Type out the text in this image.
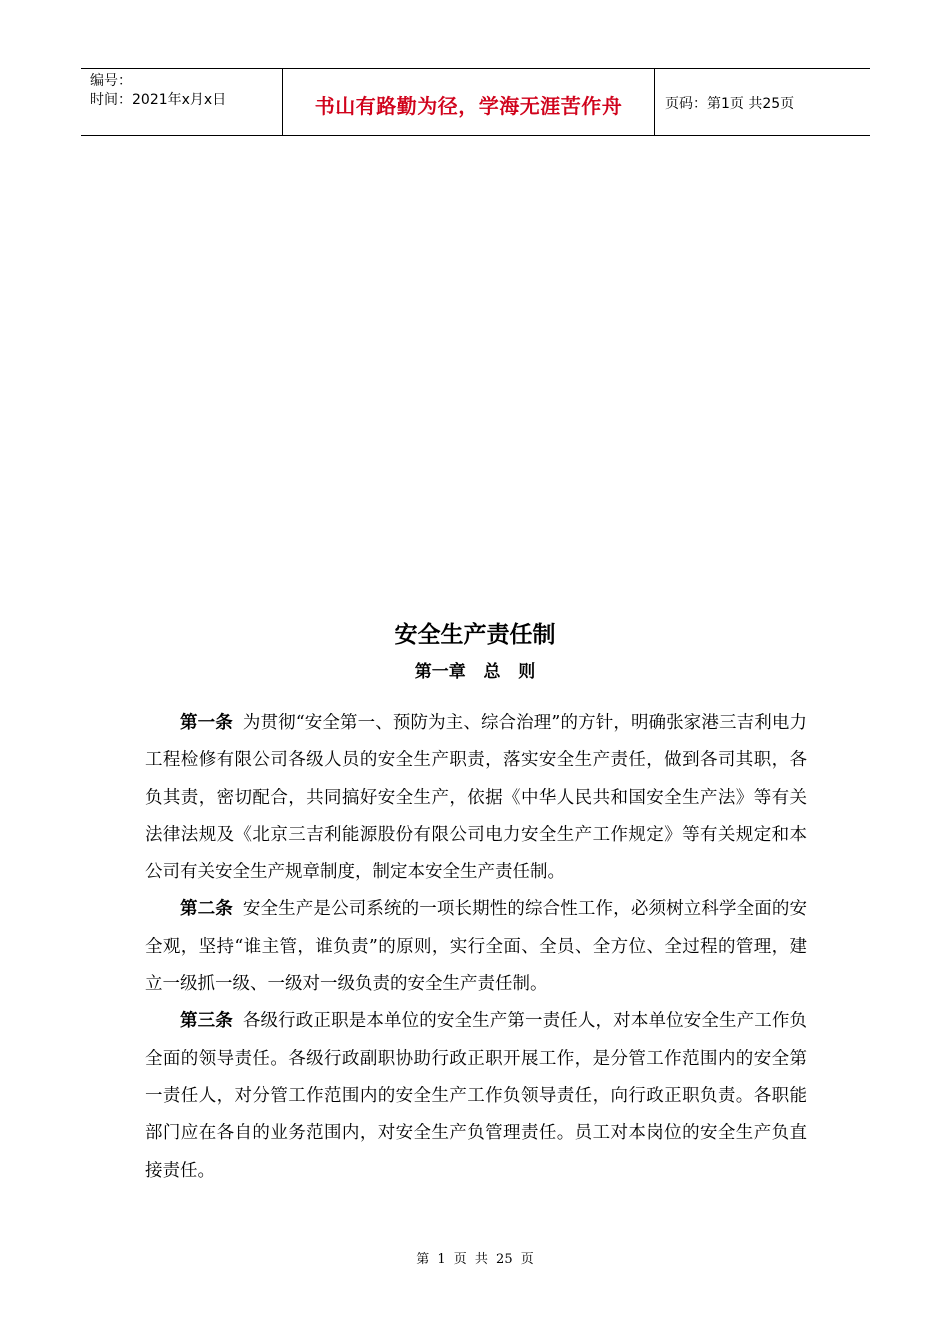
编号：
时间：2021年x月x日	书山有路勤为径，学海无涯苦作舟	页码：第1页 共25页
安全生产责任制
第一章   总   则

第一条 为贯彻“安全第一、预防为主、综合治理”的方针，明确张家港三吉利电力工程检修有限公司各级人员的安全生产职责，落实安全生产责任，做到各司其职，各负其责，密切配合，共同搞好安全生产，依据《中华人民共和国安全生产法》等有关法律法规及《北京三吉利能源股份有限公司电力安全生产工作规定》等有关规定和本公司有关安全生产规章制度，制定本安全生产责任制。

第二条 安全生产是公司系统的一项长期性的综合性工作，必须树立科学全面的安全观，坚持“谁主管，谁负责”的原则，实行全面、全员、全方位、全过程的管理，建立一级抓一级、一级对一级负责的安全生产责任制。

第三条 各级行政正职是本单位的安全生产第一责任人，对本单位安全生产工作负全面的领导责任。各级行政副职协助行政正职开展工作，是分管工作范围内的安全第一责任人，对分管工作范围内的安全生产工作负领导责任，向行政正职负责。各职能部门应在各自的业务范围内，对安全生产负管理责任。员工对本岗位的安全生产负直接责任。

第 1 页 共 25 页
